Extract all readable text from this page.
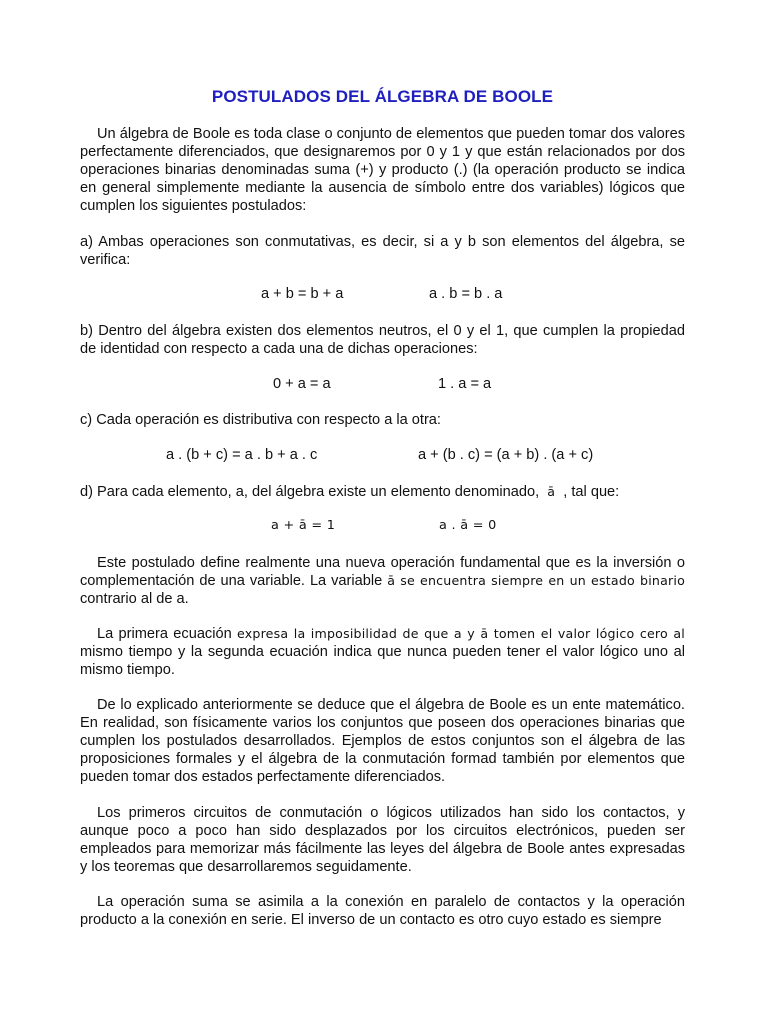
POSTULADOS DEL ÁLGEBRA DE BOOLE
Un álgebra de Boole es toda clase o conjunto de elementos que pueden tomar dos valores perfectamente diferenciados, que designaremos por 0 y 1 y que están relacionados por dos operaciones binarias denominadas suma (+) y producto (.) (la operación producto se indica en general simplemente mediante la ausencia de símbolo entre dos variables) lógicos que cumplen los siguientes postulados:
a) Ambas operaciones son conmutativas, es decir, si a y b son elementos del álgebra, se verifica:
a + b = b + a	a . b = b . a
b) Dentro del álgebra existen dos elementos neutros, el 0 y el 1, que cumplen la propiedad de identidad con respecto a cada una de dichas operaciones:
0 + a = a	1 . a = a
c) Cada operación es distributiva con respecto a la otra:
a . (b + c) = a . b + a . c	a + (b . c) = (a + b) . (a + c)
d) Para cada elemento, a, del álgebra existe un elemento denominado, ā , tal que:
a + ā = 1	a . ā = 0
Este postulado define realmente una nueva operación fundamental que es la inversión o complementación de una variable. La variable ā se encuentra siempre en un estado binario contrario al de a.
La primera ecuación expresa la imposibilidad de que a y ā tomen el valor lógico cero al mismo tiempo y la segunda ecuación indica que nunca pueden tener el valor lógico uno al mismo tiempo.
De lo explicado anteriormente se deduce que el álgebra de Boole es un ente matemático. En realidad, son físicamente varios los conjuntos que poseen dos operaciones binarias que cumplen los postulados desarrollados. Ejemplos de estos conjuntos son el álgebra de las proposiciones formales y el álgebra de la conmutación formad también por elementos que pueden tomar dos estados perfectamente diferenciados.
Los primeros circuitos de conmutación o lógicos utilizados han sido los contactos, y aunque poco a poco han sido desplazados por los circuitos electrónicos, pueden ser empleados para memorizar más fácilmente las leyes del álgebra de Boole antes expresadas y los teoremas que desarrollaremos seguidamente.
La operación suma se asimila a la conexión en paralelo de contactos y la operación producto a la conexión en serie. El inverso de un contacto es otro cuyo estado es siempre
